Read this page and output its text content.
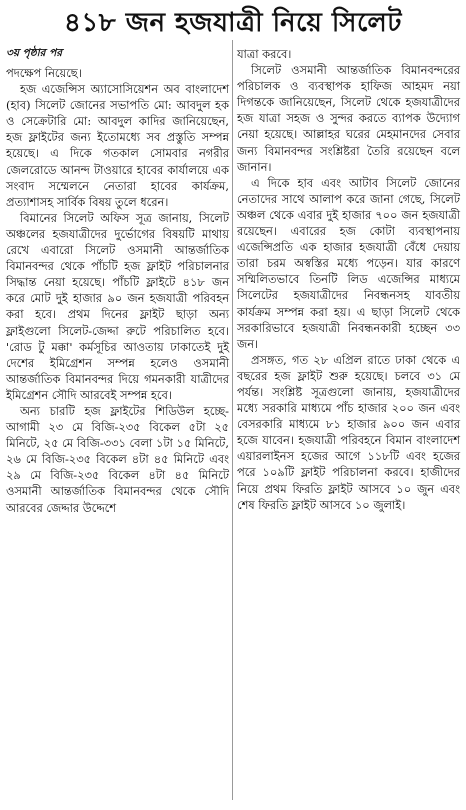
৪১৮ জন হজযাত্রী নিয়ে সিলেট
৩য় পৃষ্ঠার পর

পদক্ষেপ নিয়েছে।

হজ এজেন্সিস অ্যাসোসিয়েশন অব বাংলাদেশ (হাব) সিলেট জোনের সভাপতি মো: আবদুল হক ও সেক্রেটারি মো: আবদুল কাদির জানিয়েছেন, হজ ফ্লাইটের জন্য ইতোমধ্যে সব প্রস্তুতি সম্পন্ন হয়েছে। এ দিকে গতকাল সোমবার নগরীর জেলরোডে আনন্দ টাওয়ারে হাবের কার্যালয়ে এক সংবাদ সম্মেলনে নেতারা হাবের কার্যক্রম, প্রত্যাশাসহ সার্বিক বিষয় তুলে ধরেন।

বিমানের সিলেট অফিস সূত্র জানায়, সিলেট অঞ্চলের হজযাত্রীদের দুর্ভোগের বিষয়টি মাথায় রেখে এবারো সিলেট ওসমানী আন্তর্জাতিক বিমানবন্দর থেকে পাঁচটি হজ ফ্লাইট পরিচালনার সিদ্ধান্ত নেয়া হয়েছে। পাঁচটি ফ্লাইটে ৪১৮ জন করে মোট দুই হাজার ৯০ জন হজযাত্রী পরিবহন করা হবে। প্রথম দিনের ফ্লাইট ছাড়া অন্য ফ্লাইগুলো সিলেট-জেদ্দা রুটে পরিচালিত হবে। 'রোড টু মক্কা' কর্মসূচির আওতায় ঢাকাতেই দুই দেশের ইমিগ্রেশন সম্পন্ন হলেও ওসমানী আন্তর্জাতিক বিমানবন্দর দিয়ে গমনকারী যাত্রীদের ইমিগ্রেশন সৌদি আরবেই সম্পন্ন হবে।

অন্য চারটি হজ ফ্লাইটের শিডিউল হচ্ছে- আগামী ২৩ মে বিজি-২৩৫ বিকেল ৫টা ২৫ মিনিটে, ২৫ মে বিজি-৩৩১ বেলা ১টা ১৫ মিনিটে, ২৬ মে বিজি-২৩৫ বিকেল ৪টা ৪৫ মিনিটে এবং ২৯ মে বিজি-২৩৫ বিকেল ৪টা ৪৫ মিনিটে ওসমানী আন্তর্জাতিক বিমানবন্দর থেকে সৌদি আরবের জেদ্দার উদ্দেশে

যাত্রা করবে।

সিলেট ওসমানী আন্তর্জাতিক বিমানবন্দরের পরিচালক ও ব্যবস্থাপক হাফিজ আহমদ নয়া দিগন্তকে জানিয়েছেন, সিলেট থেকে হজযাত্রীদের হজ যাত্রা সহজ ও সুন্দর করতে ব্যাপক উদ্যোগ নেয়া হয়েছে। আল্লাহর ঘরের মেহমানদের সেবার জন্য বিমানবন্দর সংশ্লিষ্টরা তৈরি রয়েছেন বলে জানান।

এ দিকে হাব এবং আটাব সিলেট জোনের নেতাদের সাথে আলাপ করে জানা গেছে, সিলেট অঞ্চল থেকে এবার দুই হাজার ৭০০ জন হজযাত্রী রয়েছেন। এবারের হজ কোটা ব্যবস্থাপনায় এজেন্সিপ্রতি এক হাজার হজযাত্রী বেঁধে দেয়ায় তারা চরম অস্বস্তির মধ্যে পড়েন। যার কারণে সম্মিলিতভাবে তিনটি লিড এজেন্সির মাধ্যমে সিলেটের হজযাত্রীদের নিবন্ধনসহ যাবতীয় কার্যক্রম সম্পন্ন করা হয়। এ ছাড়া সিলেট থেকে সরকারিভাবে হজযাত্রী নিবন্ধনকারী হচ্ছেন ৩৩ জন।

প্রসঙ্গত, গত ২৮ এপ্রিল রাতে ঢাকা থেকে এ বছরের হজ ফ্লাইট শুরু হয়েছে। চলবে ৩১ মে পর্যন্ত। সংশ্লিষ্ট সূত্রগুলো জানায়, হজযাত্রীদের মধ্যে সরকারি মাধ্যমে পাঁচ হাজার ২০০ জন এবং বেসরকারি মাধ্যমে ৮১ হাজার ৯০০ জন এবার হজে যাবেন। হজযাত্রী পরিবহনে বিমান বাংলাদেশ এয়ারলাইনস হজের আগে ১১৮টি এবং হজের পরে ১০৯টি ফ্লাইট পরিচালনা করবে। হাজীদের নিয়ে প্রথম ফিরতি ফ্লাইট আসবে ১০ জুন এবং শেষ ফিরতি ফ্লাইট আসবে ১০ জুলাই।
